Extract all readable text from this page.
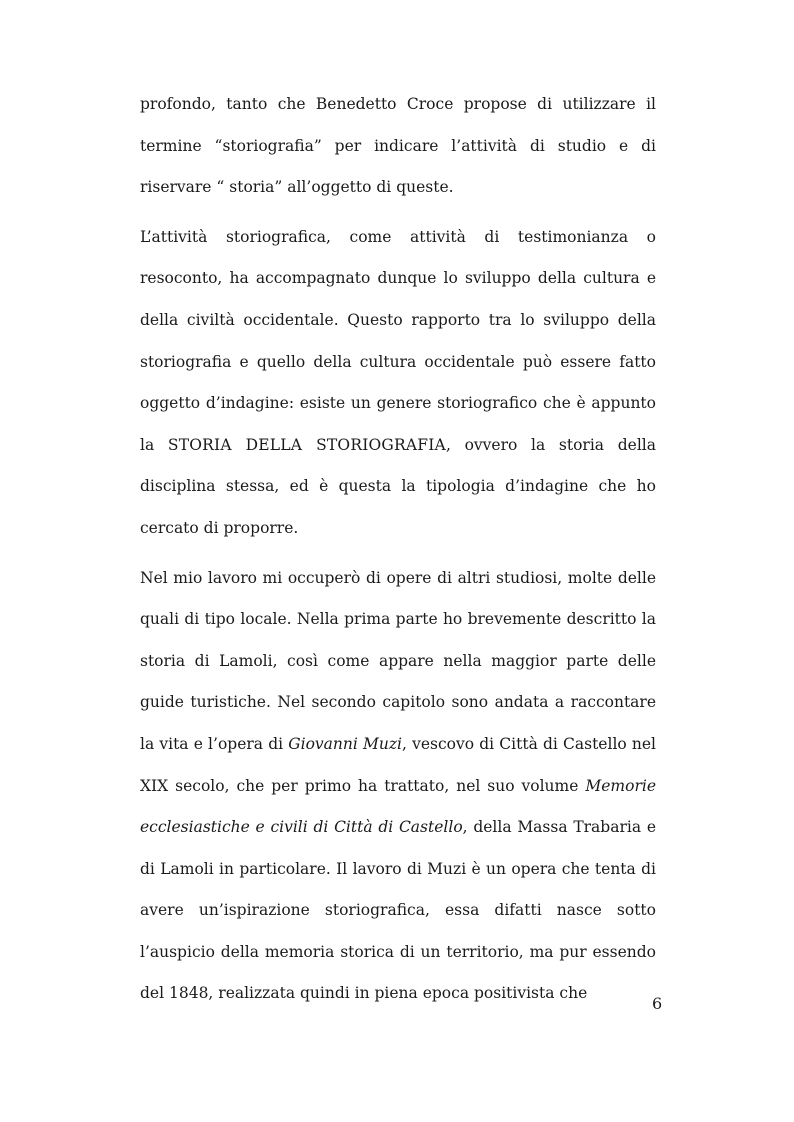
profondo, tanto che Benedetto Croce propose di utilizzare il termine “storiografia” per indicare l’attività di studio e di riservare “ storia” all’oggetto di queste.

L’attività storiografica, come attività di testimonianza o resoconto, ha accompagnato dunque lo sviluppo della cultura e della civiltà occidentale. Questo rapporto tra lo sviluppo della storiografia e quello della cultura occidentale può essere fatto oggetto d’indagine: esiste un genere storiografico che è appunto la STORIA DELLA STORIOGRAFIA, ovvero la storia della disciplina stessa, ed è questa la tipologia d’indagine che ho cercato di proporre.

Nel mio lavoro mi occuperò di opere di altri studiosi, molte delle quali di tipo locale. Nella prima parte ho brevemente descritto la storia di Lamoli, così come appare nella maggior parte delle guide turistiche. Nel secondo capitolo sono andata a raccontare la vita e l’opera di Giovanni Muzi, vescovo di Città di Castello nel XIX secolo, che per primo ha trattato, nel suo volume Memorie ecclesiastiche e civili di Città di Castello, della Massa Trabaria e di Lamoli in particolare. Il lavoro di Muzi è un opera che tenta di avere un’ispirazione storiografica, essa difatti nasce sotto l’auspicio della memoria storica di un territorio, ma pur essendo del 1848, realizzata quindi in piena epoca positivista che

6
